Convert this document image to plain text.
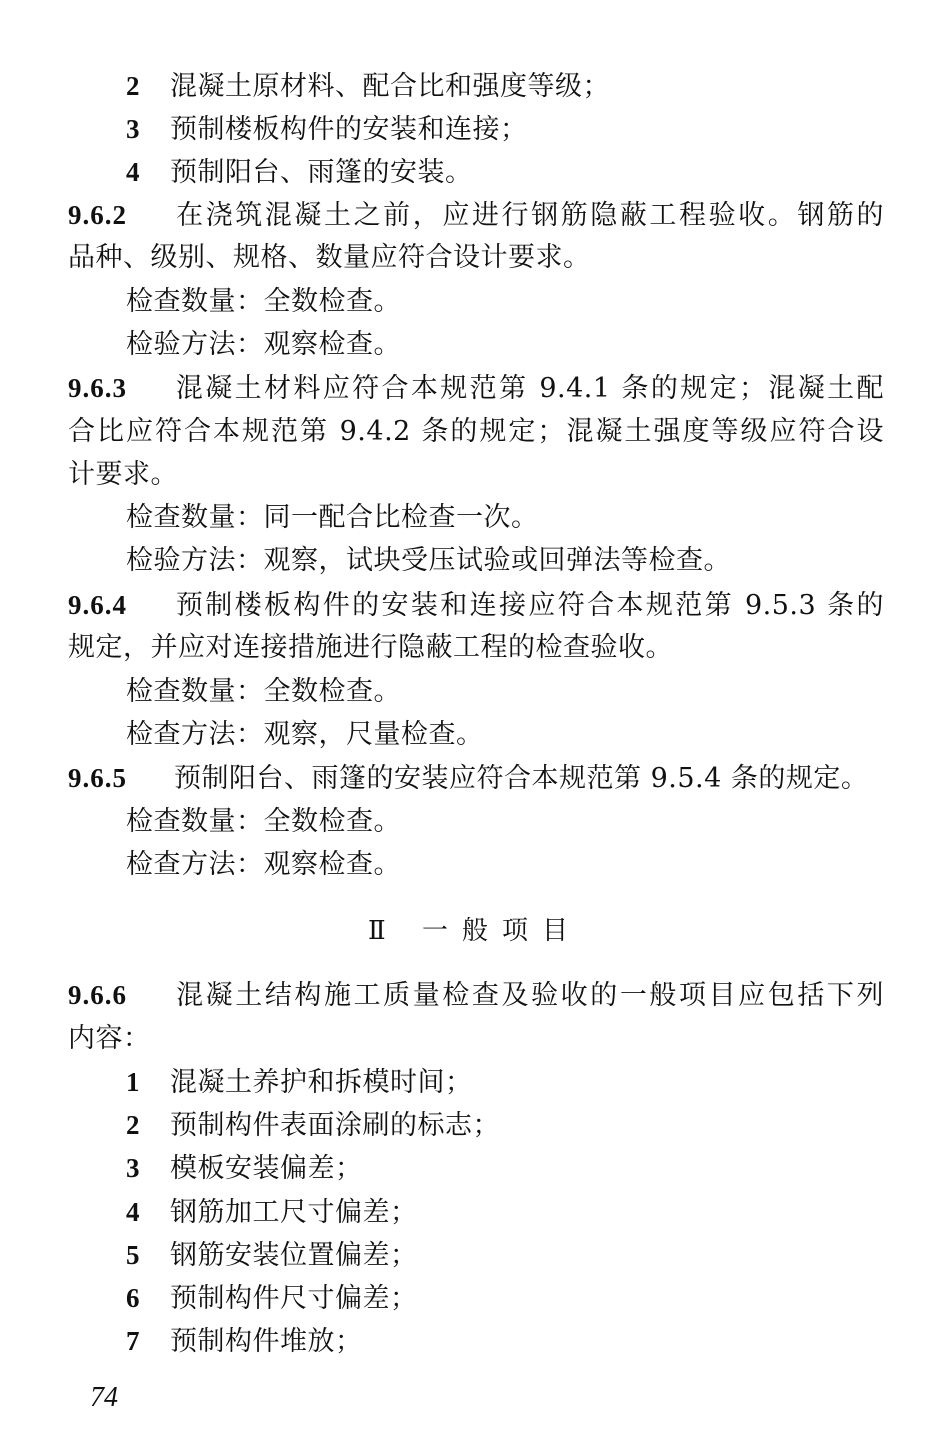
2 混凝土原材料、配合比和强度等级；
3 预制楼板构件的安装和连接；
4 预制阳台、雨篷的安装。
9.6.2 在浇筑混凝土之前，应进行钢筋隐蔽工程验收。钢筋的
品种、级别、规格、数量应符合设计要求。
检查数量：全数检查。
检验方法：观察检查。
9.6.3 混凝土材料应符合本规范第 9.4.1 条的规定；混凝土配
合比应符合本规范第 9.4.2 条的规定；混凝土强度等级应符合设
计要求。
检查数量：同一配合比检查一次。
检验方法：观察，试块受压试验或回弹法等检查。
9.6.4 预制楼板构件的安装和连接应符合本规范第 9.5.3 条的
规定，并应对连接措施进行隐蔽工程的检查验收。
检查数量：全数检查。
检查方法：观察，尺量检查。
9.6.5 预制阳台、雨篷的安装应符合本规范第 9.5.4 条的规定。
检查数量：全数检查。
检查方法：观察检查。
Ⅱ 一般项目
9.6.6 混凝土结构施工质量检查及验收的一般项目应包括下列
内容：
1 混凝土养护和拆模时间；
2 预制构件表面涂刷的标志；
3 模板安装偏差；
4 钢筋加工尺寸偏差；
5 钢筋安装位置偏差；
6 预制构件尺寸偏差；
7 预制构件堆放；
74
